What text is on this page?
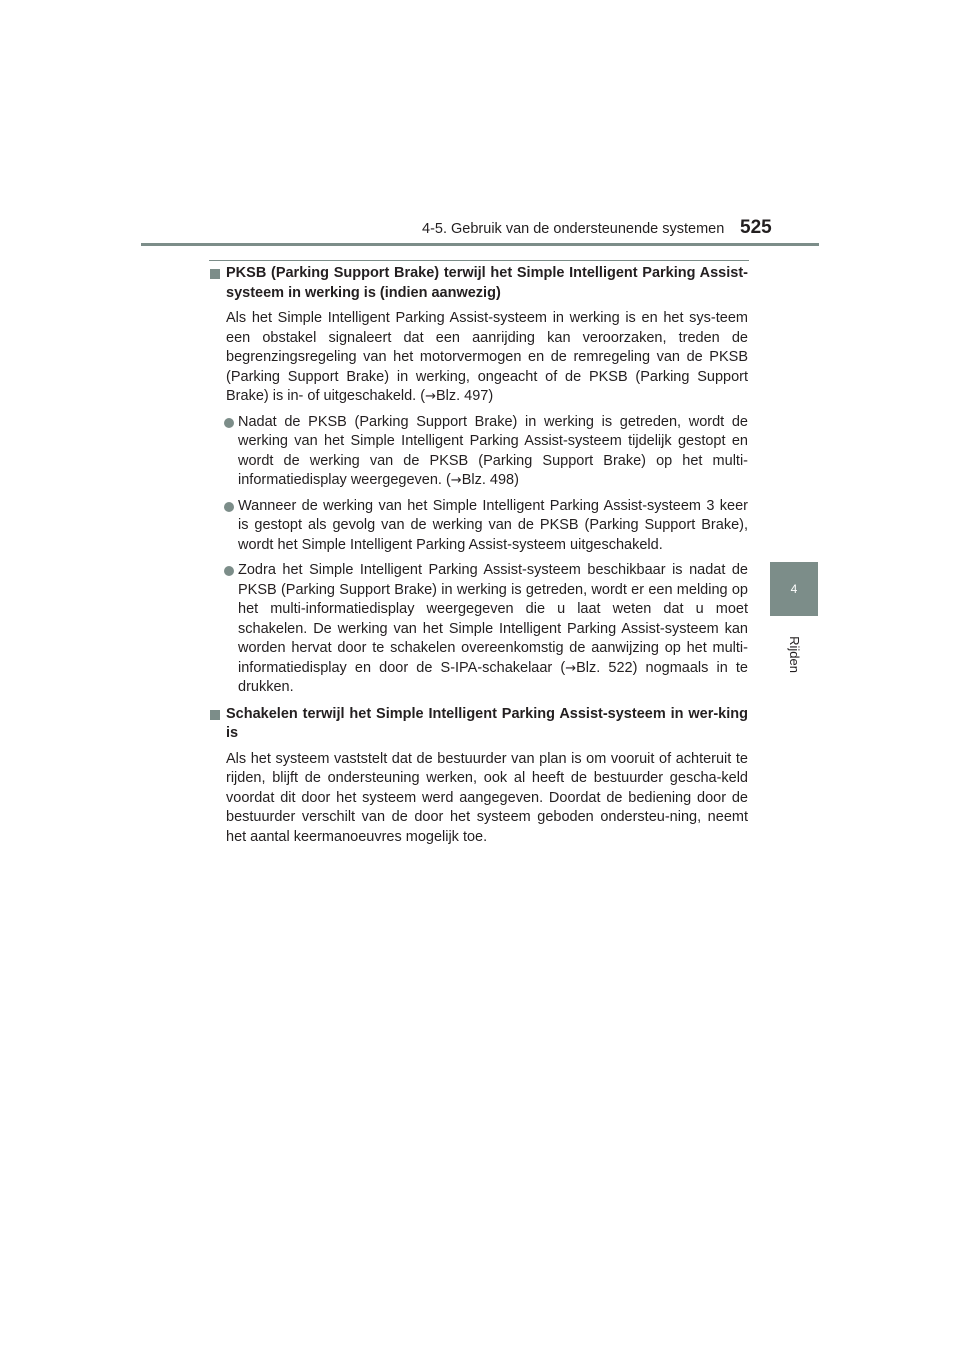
4-5. Gebruik van de ondersteunende systemen 525
4
Rijden
PKSB (Parking Support Brake) terwijl het Simple Intelligent Parking Assist-systeem in werking is (indien aanwezig)
Als het Simple Intelligent Parking Assist-systeem in werking is en het sys-teem een obstakel signaleert dat een aanrijding kan veroorzaken, treden de begrenzingsregeling van het motorvermogen en de remregeling van de PKSB (Parking Support Brake) in werking, ongeacht of de PKSB (Parking Support Brake) is in- of uitgeschakeld. (→Blz. 497)
Nadat de PKSB (Parking Support Brake) in werking is getreden, wordt de werking van het Simple Intelligent Parking Assist-systeem tijdelijk gestopt en wordt de werking van de PKSB (Parking Support Brake) op het multi-informatiedisplay weergegeven. (→Blz. 498)
Wanneer de werking van het Simple Intelligent Parking Assist-systeem 3 keer is gestopt als gevolg van de werking van de PKSB (Parking Support Brake), wordt het Simple Intelligent Parking Assist-systeem uitgeschakeld.
Zodra het Simple Intelligent Parking Assist-systeem beschikbaar is nadat de PKSB (Parking Support Brake) in werking is getreden, wordt er een melding op het multi-informatiedisplay weergegeven die u laat weten dat u moet schakelen. De werking van het Simple Intelligent Parking Assist-systeem kan worden hervat door te schakelen overeenkomstig de aanwijzing op het multi-informatiedisplay en door de S-IPA-schakelaar (→Blz. 522) nogmaals in te drukken.
Schakelen terwijl het Simple Intelligent Parking Assist-systeem in wer-king is
Als het systeem vaststelt dat de bestuurder van plan is om vooruit of achteruit te rijden, blijft de ondersteuning werken, ook al heeft de bestuurder gescha-keld voordat dit door het systeem werd aangegeven. Doordat de bediening door de bestuurder verschilt van de door het systeem geboden ondersteu-ning, neemt het aantal keermanoeuvres mogelijk toe.
